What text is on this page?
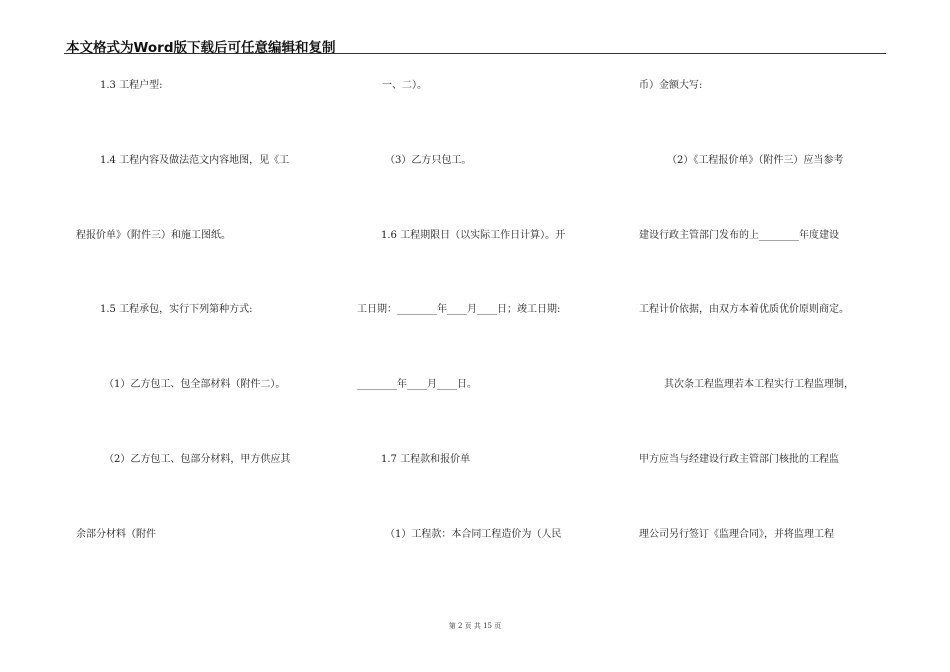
本文格式为Word版下载后可任意编辑和复制
1.3 工程户型:
1.4 工程内容及做法范文内容地图，见《工
程报价单》（附件三）和施工图纸。
1.5 工程承包，实行下列第种方式:
（1）乙方包工、包全部材料（附件二）。
（2）乙方包工、包部分材料，甲方供应其
余部分材料（附件
一、二）。
（3）乙方只包工。
1.6 工程期限日（以实际工作日计算）。开
工日期：________年____月____日；竣工日期:
________年____月____日。
1.7 工程款和报价单
（1）工程款：本合同工程造价为（人民
币）金额大写:
（2）《工程报价单》（附件三）应当参考
建设行政主管部门发布的上________年度建设
工程计价依据，由双方本着优质优价原则商定。
其次条工程监理若本工程实行工程监理制，
甲方应当与经建设行政主管部门核批的工程监
理公司另行签订《监理合同》，并将监理工程
第 2 页 共 15 页
